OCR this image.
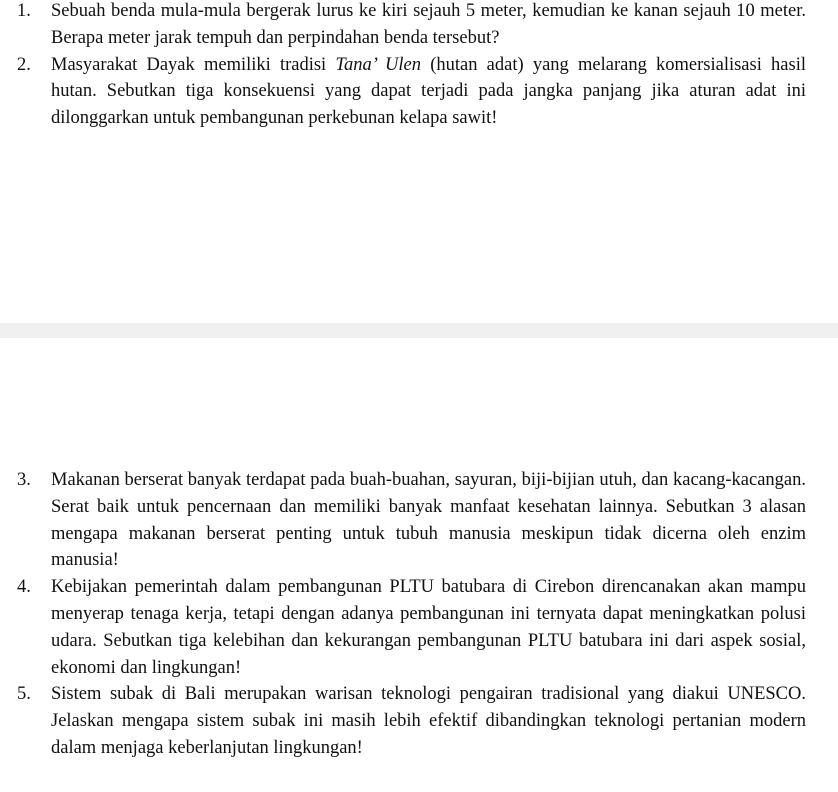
1. Sebuah benda mula-mula bergerak lurus ke kiri sejauh 5 meter, kemudian ke kanan sejauh 10 meter. Berapa meter jarak tempuh dan perpindahan benda tersebut?
2. Masyarakat Dayak memiliki tradisi Tana’ Ulen (hutan adat) yang melarang komersialisasi hasil hutan. Sebutkan tiga konsekuensi yang dapat terjadi pada jangka panjang jika aturan adat ini dilonggarkan untuk pembangunan perkebunan kelapa sawit!
3. Makanan berserat banyak terdapat pada buah-buahan, sayuran, biji-bijian utuh, dan kacang-kacangan. Serat baik untuk pencernaan dan memiliki banyak manfaat kesehatan lainnya. Sebutkan 3 alasan mengapa makanan berserat penting untuk tubuh manusia meskipun tidak dicerna oleh enzim manusia!
4. Kebijakan pemerintah dalam pembangunan PLTU batubara di Cirebon direncanakan akan mampu menyerap tenaga kerja, tetapi dengan adanya pembangunan ini ternyata dapat meningkatkan polusi udara. Sebutkan tiga kelebihan dan kekurangan pembangunan PLTU batubara ini dari aspek sosial, ekonomi dan lingkungan!
5. Sistem subak di Bali merupakan warisan teknologi pengairan tradisional yang diakui UNESCO. Jelaskan mengapa sistem subak ini masih lebih efektif dibandingkan teknologi pertanian modern dalam menjaga keberlanjutan lingkungan!
